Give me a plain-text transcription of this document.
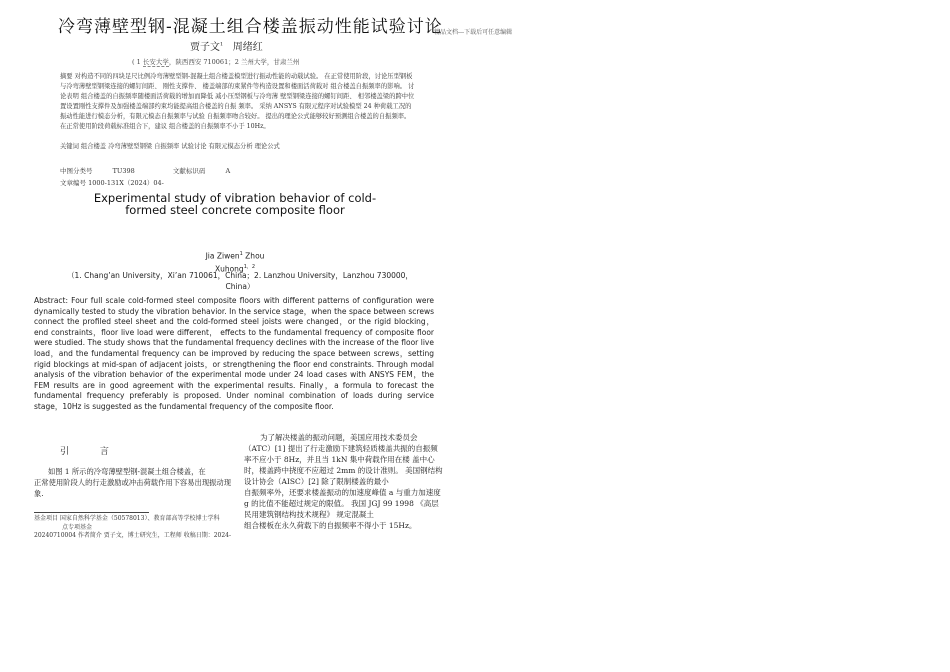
冷弯薄壁型钢-混凝土组合楼盖振动性能试验讨论
精品文档---下载后可任意编辑
贾子文$^1$ 周绪红
( 1 长安大学，陕西西安 710061；2 兰州大学，甘肃兰州
摘要 对构造不同的四块足尺比例冷弯薄壁型钢-混凝土组合楼盖模型进行振动性能的动载试验。 在正常使用阶段，讨论压型钢板与冷弯薄壁型钢梁连接的螺钉间距、 刚性支撑件、 楼盖端部的束紧件等构造设置和楼面活荷载对 组合楼盖自振频率的影响。 讨论表明 组合楼盖的自振频率随楼面活荷载的增加而降低 减小压型钢板与冷弯薄 壁型钢梁连接的螺钉间距、 相邻楼盖梁的跨中位置设置刚性支撑件及加强楼盖端部约束均能提高组合楼盖的自振 频率。 采纳 ANSYS 有限元程序对试验模型 24 种荷载工况的振动性能进行模态分析，有限元模态自振频率与试验 自振频率吻合较好。 提出的理论公式能够较好预测组合楼盖的自振频率。 在正常使用阶段荷载标准组合下，建议 组合楼盖的自振频率不小于 10Hz。
关键词 组合楼盖 冷弯薄壁型钢梁 自振频率 试验讨论 有限元模态分析 理论公式
中图分类号	TU398	文献标识码	A
文章编号 1000-131X（2024）04-
Experimental study of vibration behavior of cold-formed steel concrete composite floor
Jia Ziwen$^1$ Zhou Xuhong$^{1,2}$
（1. Chang’an University，Xi’an 710061，China；2. Lanzhou University，Lanzhou 730000，China）
Abstract: Four full scale cold-formed steel composite floors with different patterns of configuration were dynamically tested to study the vibration behavior. In the service stage，when the space between screws connect the profiled steel sheet and the cold-formed steel joists were changed，or the rigid blocking，end constraints，floor live load were different， effects to the fundamental frequency of composite floor were studied. The study shows that the fundamental frequency declines with the increase of the floor live load，and the fundamental frequency can be improved by reducing the space between screws，setting rigid blockings at mid-span of adjacent joists，or strengthening the floor end constraints. Through modal analysis of the vibration behavior of the experimental mode under 24 load cases with ANSYS FEM，the FEM results are in good agreement with the experimental results. Finally，a formula to forecast the fundamental frequency preferably is proposed. Under nominal combination of loads during service stage，10Hz is suggested as the fundamental frequency of the composite floor.
引 言

如图 1 所示的冷弯薄壁型钢-混凝土组合楼盖，在

正常使用阶段人的行走激励或冲击荷载作用下容易出现振动现象.

基金项目 国家自然科学基金（50578013）、教育部高等学校博士学科

点专项基金

20240710004 作者简介 贾子文，博士研究生，工程师 收稿日期：2024-

为了解决楼盖的振动问题，美国应用技术委员会（ATC）[1] 提出了行走激励下建筑轻质楼盖共振的自振频率不应小于 8Hz，并且当 1kN 集中荷载作用在楼 盖中心时，楼盖跨中挠度不应超过 2mm 的设计准则。 美国钢结构设计协会（AISC）[2] 除了限制楼盖的最小

自振频率外，还要求楼盖振动的加速度峰值 a 与重力加速度 g 的比值不能超过规定的限值。 我国 JGJ 99 1998 《高层民用建筑钢结构技术规程》 规定混凝土

组合楼板在永久荷载下的自振频率不得小于 15Hz。
